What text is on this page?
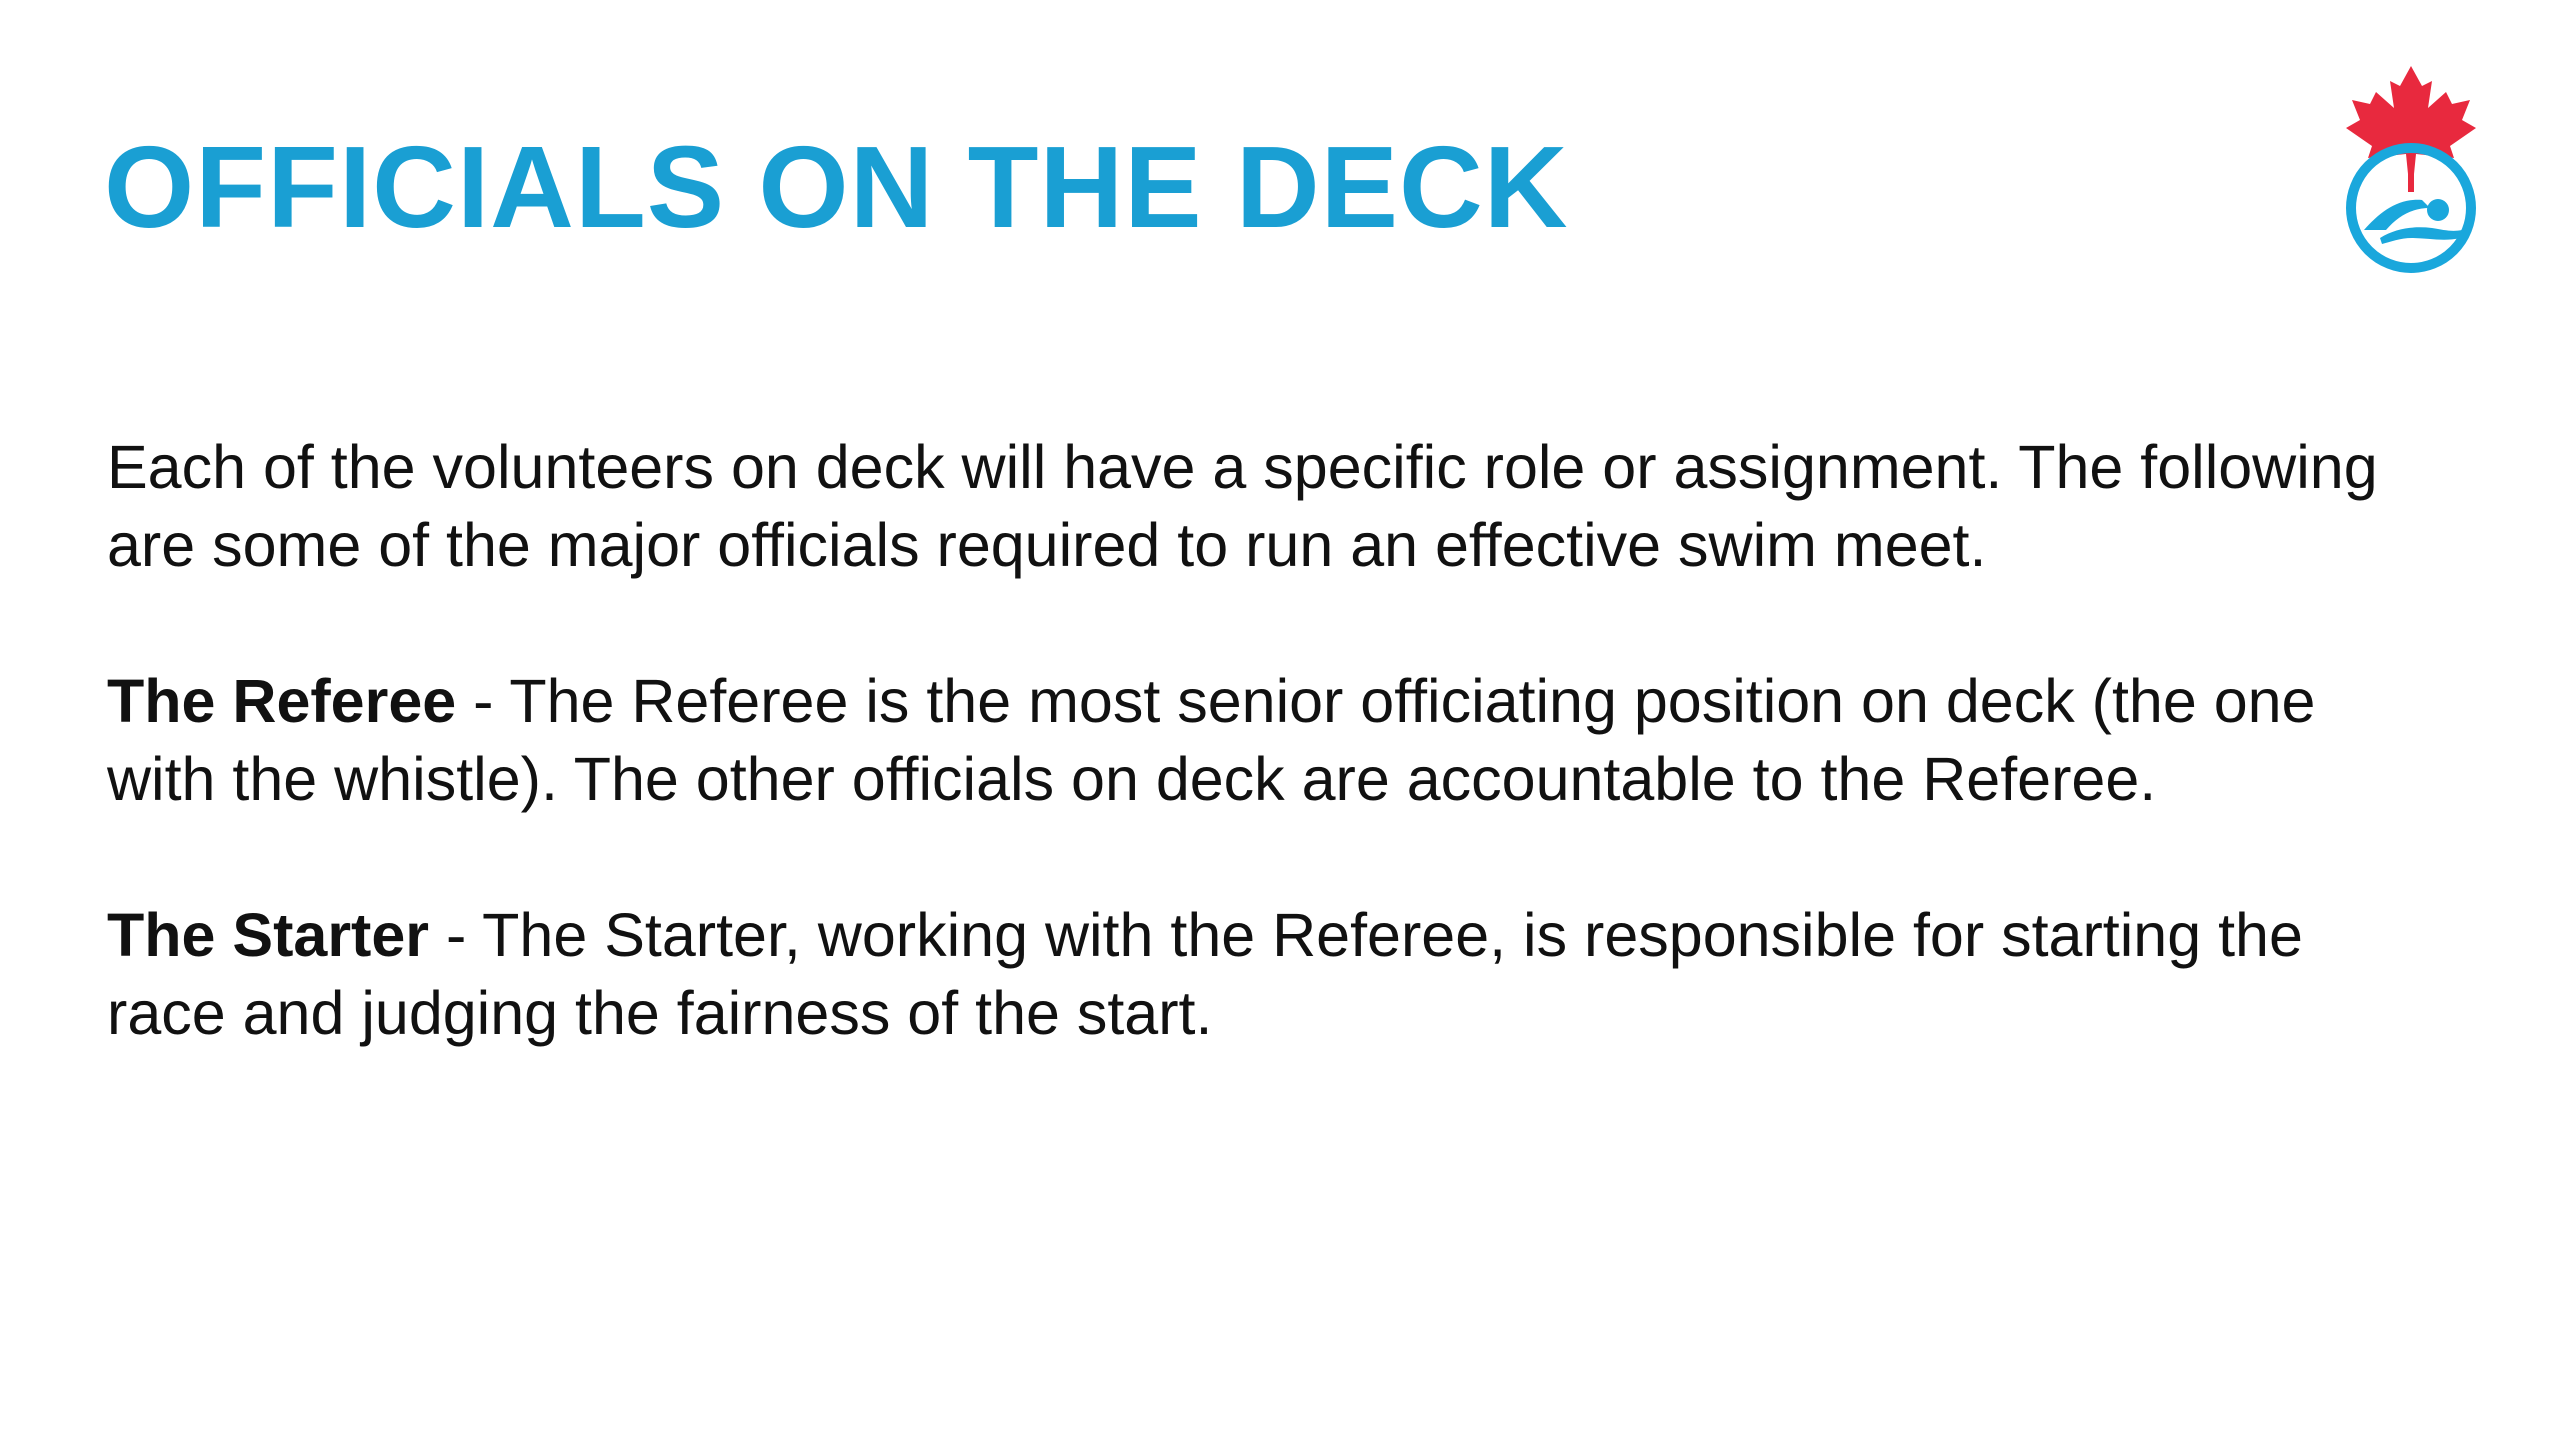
OFFICIALS ON THE DECK

Each of the volunteers on deck will have a specific role or assignment. The following are some of the major officials required to run an effective swim meet.

The Referee - The Referee is the most senior officiating position on deck (the one with the whistle). The other officials on deck are accountable to the Referee.

The Starter - The Starter, working with the Referee, is responsible for starting the race and judging the fairness of the start.
